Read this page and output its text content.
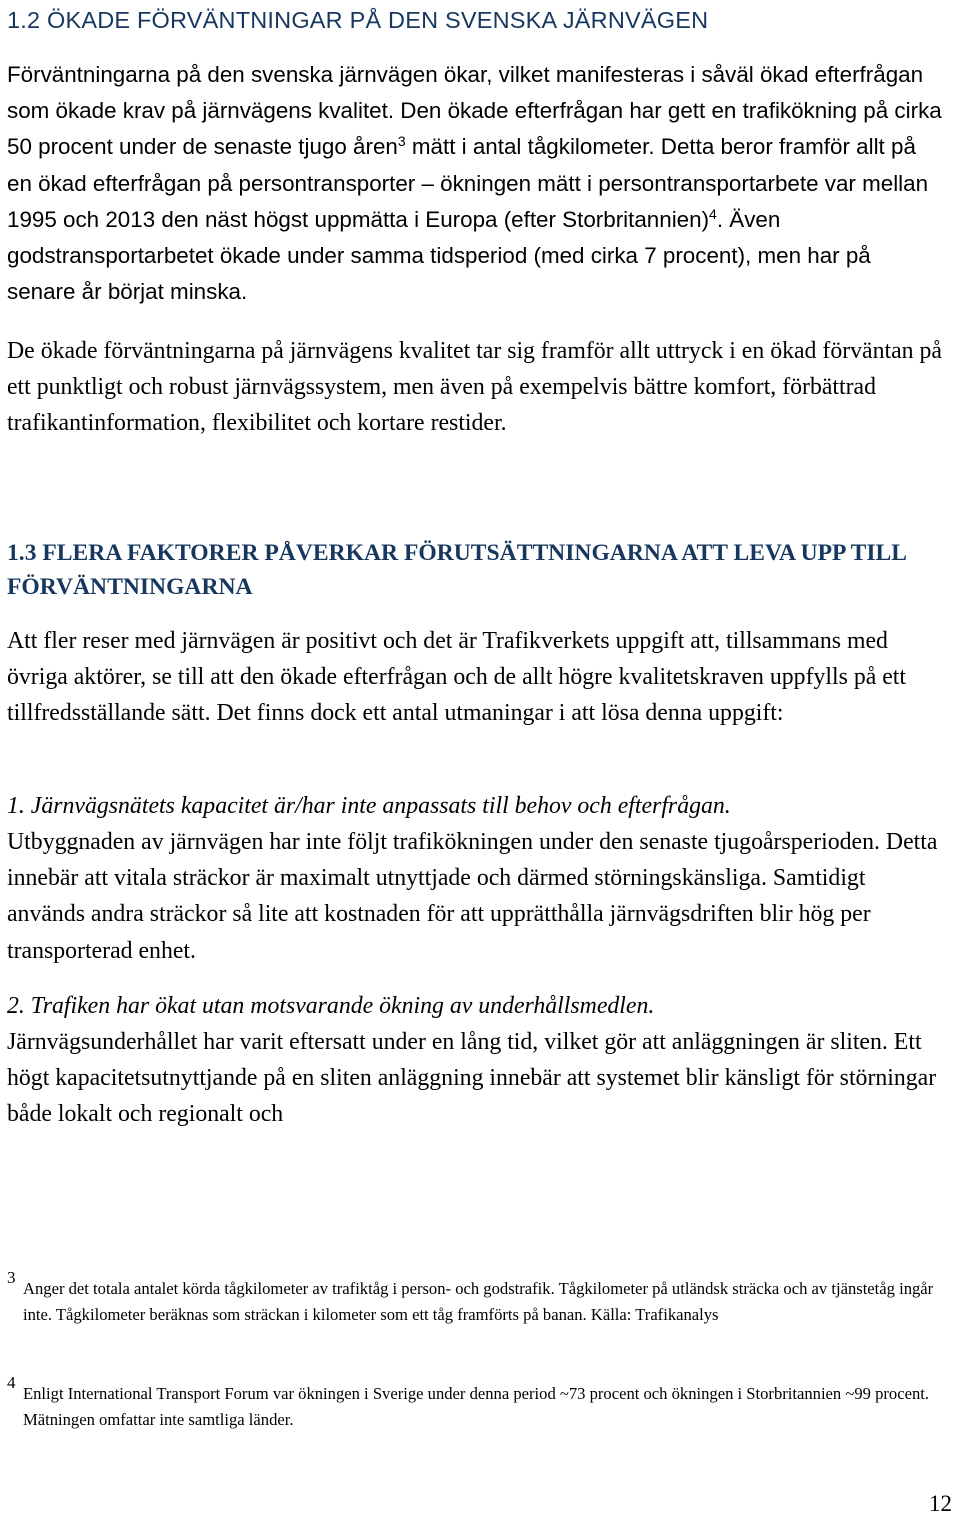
1.2 ÖKADE FÖRVÄNTNINGAR PÅ DEN SVENSKA JÄRNVÄGEN

Förväntningarna på den svenska järnvägen ökar, vilket manifesteras i såväl ökad efterfrågan som ökade krav på järnvägens kvalitet. Den ökade efterfrågan har gett en trafikökning på cirka 50 procent under de senaste tjugo åren$^3$ mätt i antal tågkilometer. Detta beror framför allt på en ökad efterfrågan på persontransporter – ökningen mätt i persontransportarbete var mellan 1995 och 2013 den näst högst uppmätta i Europa (efter Storbritannien)$^4$. Även godstransportarbetet ökade under samma tidsperiod (med cirka 7 procent), men har på senare år börjat minska.

De ökade förväntningarna på järnvägens kvalitet tar sig framför allt uttryck i en ökad förväntan på ett punktligt och robust järnvägssystem, men även på exempelvis bättre komfort, förbättrad trafikantinformation, flexibilitet och kortare restider.

1.3 FLERA FAKTORER PÅVERKAR FÖRUTSÄTTNINGARNA ATT LEVA UPP TILL FÖRVÄNTNINGARNA

Att fler reser med järnvägen är positivt och det är Trafikverkets uppgift att, tillsammans med övriga aktörer, se till att den ökade efterfrågan och de allt högre kvalitetskraven uppfylls på ett tillfredsställande sätt. Det finns dock ett antal utmaningar i att lösa denna uppgift:

1. Järnvägsnätets kapacitet är/har inte anpassats till behov och efterfrågan.

Utbyggnaden av järnvägen har inte följt trafikökningen under den senaste tjugoårsperioden. Detta innebär att vitala sträckor är maximalt utnyttjade och därmed störningskänsliga. Samtidigt används andra sträckor så lite att kostnaden för att upprätthålla järnvägsdriften blir hög per transporterad enhet.

2. Trafiken har ökat utan motsvarande ökning av underhållsmedlen.

Järnvägsunderhållet har varit eftersatt under en lång tid, vilket gör att anläggningen är sliten. Ett högt kapacitetsutnyttjande på en sliten anläggning innebär att systemet blir känsligt för störningar både lokalt och regionalt och

3
Anger det totala antalet körda tågkilometer av trafiktåg i person- och godstrafik. Tågkilometer på utländsk sträcka och av tjänstetåg ingår inte. Tågkilometer beräknas som sträckan i kilometer som ett tåg framförts på banan. Källa: Trafikanalys
4
Enligt International Transport Forum var ökningen i Sverige under denna period ~73 procent och ökningen i Storbritannien ~99 procent. Mätningen omfattar inte samtliga länder.
12
